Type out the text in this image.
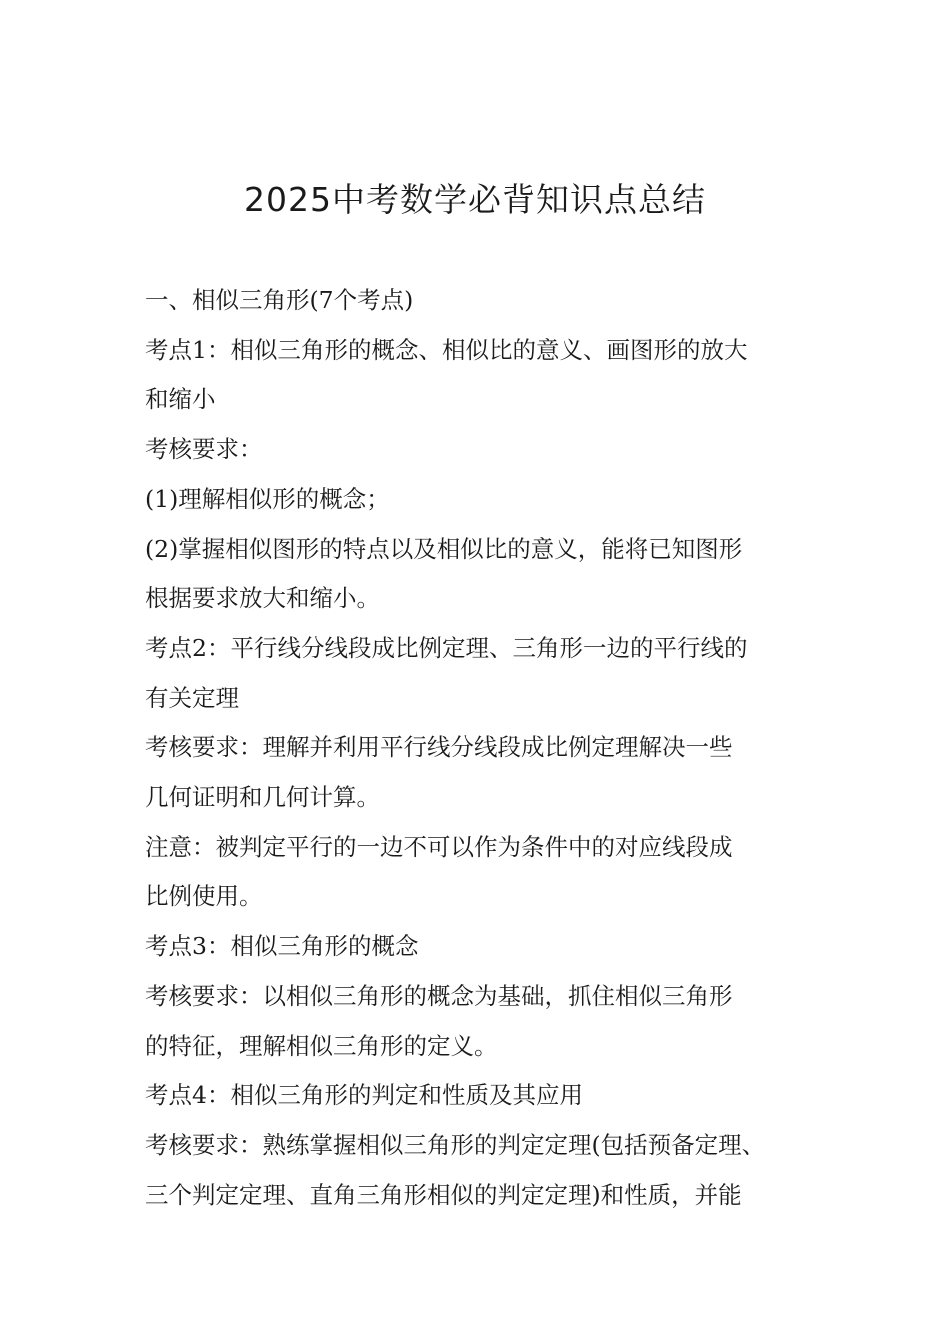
2025中考数学必背知识点总结

一、相似三角形(7个考点)

考点1：相似三角形的概念、相似比的意义、画图形的放大

和缩小

考核要求：

(1)理解相似形的概念；

(2)掌握相似图形的特点以及相似比的意义，能将已知图形

根据要求放大和缩小。

考点2：平行线分线段成比例定理、三角形一边的平行线的

有关定理

考核要求：理解并利用平行线分线段成比例定理解决一些

几何证明和几何计算。

注意：被判定平行的一边不可以作为条件中的对应线段成

比例使用。

考点3：相似三角形的概念

考核要求：以相似三角形的概念为基础，抓住相似三角形

的特征，理解相似三角形的定义。

考点4：相似三角形的判定和性质及其应用

考核要求：熟练掌握相似三角形的判定定理(包括预备定理、

三个判定定理、直角三角形相似的判定定理)和性质，并能
